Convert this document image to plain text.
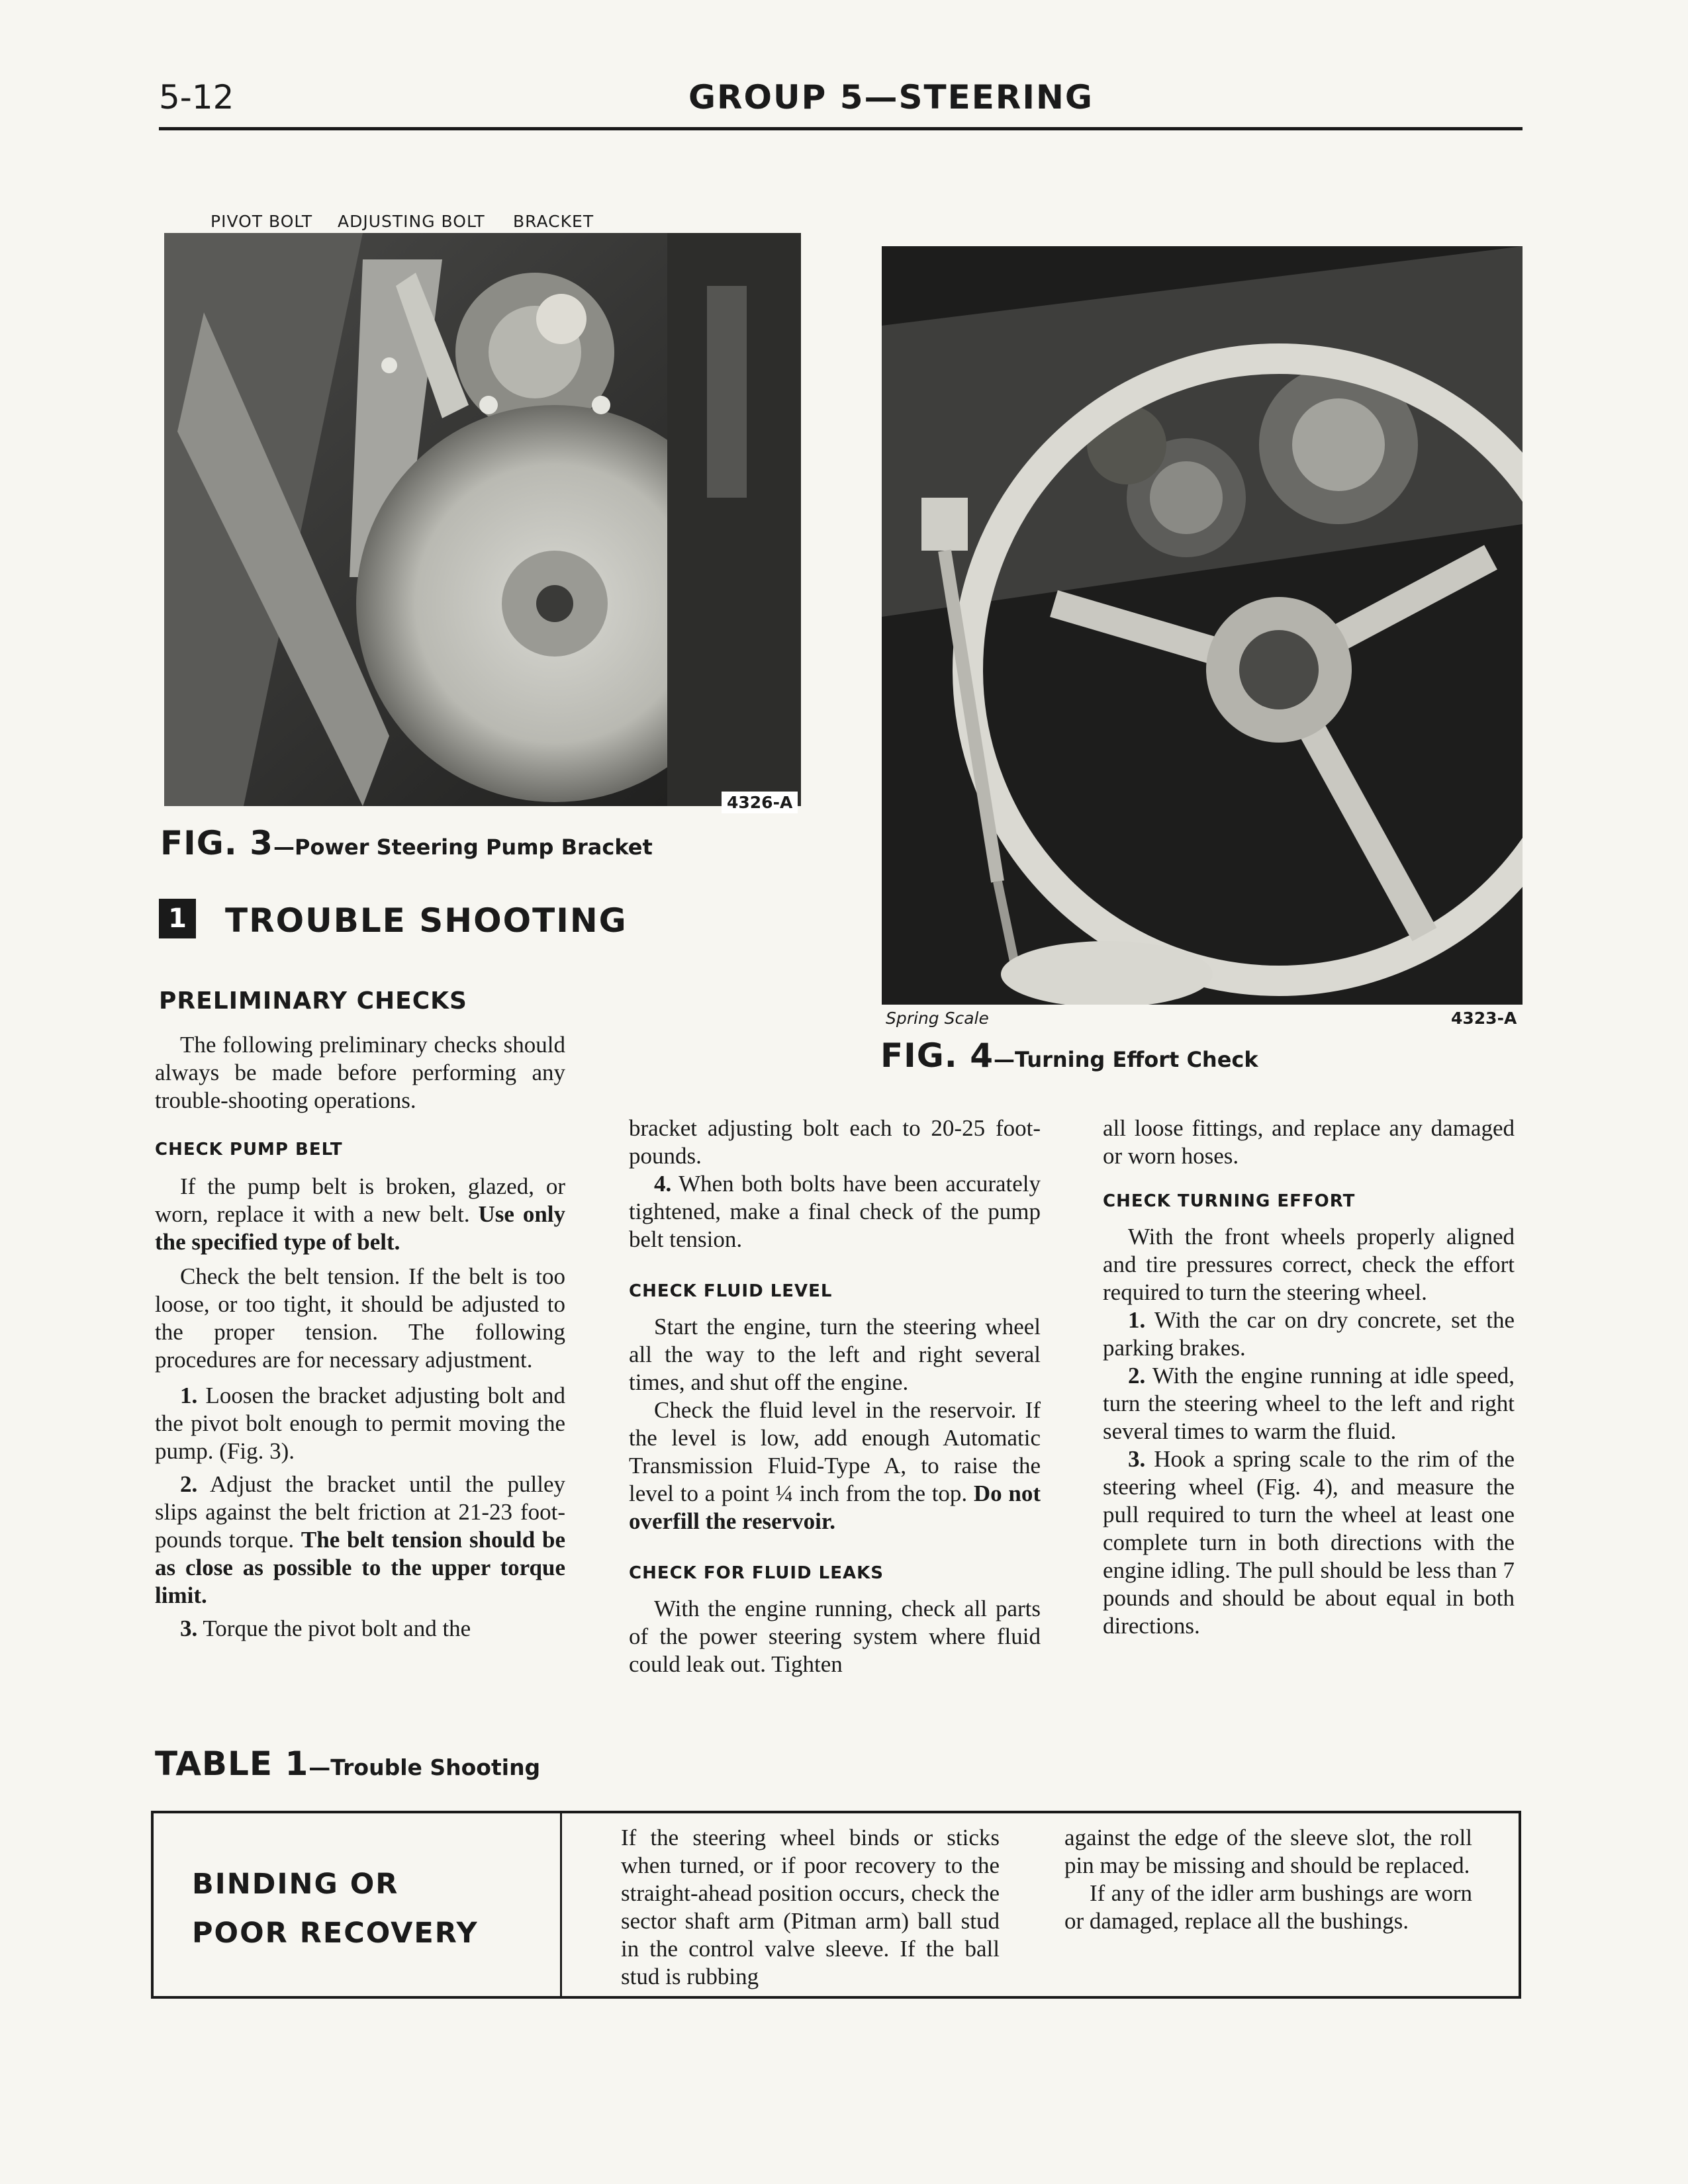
5-12	GROUP 5—STEERING
PIVOT BOLT ADJUSTING BOLT BRACKET
4326-A
FIG. 3—Power Steering Pump Bracket
Spring Scale	4323-A
FIG. 4—Turning Effort Check
1 TROUBLE SHOOTING
PRELIMINARY CHECKS

The following preliminary checks should always be made before performing any trouble-shooting operations.

CHECK PUMP BELT

If the pump belt is broken, glazed, or worn, replace it with a new belt. Use only the specified type of belt.

Check the belt tension. If the belt is too loose, or too tight, it should be adjusted to the proper tension. The following procedures are for necessary adjustment.

1. Loosen the bracket adjusting bolt and the pivot bolt enough to permit moving the pump. (Fig. 3).

2. Adjust the bracket until the pulley slips against the belt friction at 21-23 foot-pounds torque. The belt tension should be as close as possible to the upper torque limit.

3. Torque the pivot bolt and the

bracket adjusting bolt each to 20-25 foot-pounds.

4. When both bolts have been accurately tightened, make a final check of the pump belt tension.

CHECK FLUID LEVEL

Start the engine, turn the steering wheel all the way to the left and right several times, and shut off the engine.

Check the fluid level in the reservoir. If the level is low, add enough Automatic Transmission Fluid-Type A, to raise the level to a point ¼ inch from the top. Do not overfill the reservoir.

CHECK FOR FLUID LEAKS

With the engine running, check all parts of the power steering system where fluid could leak out. Tighten

all loose fittings, and replace any damaged or worn hoses.

CHECK TURNING EFFORT

With the front wheels properly aligned and tire pressures correct, check the effort required to turn the steering wheel.

1. With the car on dry concrete, set the parking brakes.

2. With the engine running at idle speed, turn the steering wheel to the left and right several times to warm the fluid.

3. Hook a spring scale to the rim of the steering wheel (Fig. 4), and measure the pull required to turn the wheel at least one complete turn in both directions with the engine idling. The pull should be less than 7 pounds and should be about equal in both directions.

TABLE 1—Trouble Shooting
BINDING OR
POOR RECOVERY
If the steering wheel binds or sticks when turned, or if poor recovery to the straight-ahead position occurs, check the sector shaft arm (Pitman arm) ball stud in the control valve sleeve. If the ball stud is rubbing
against the edge of the sleeve slot, the roll pin may be missing and should be replaced.
If any of the idler arm bushings are worn or damaged, replace all the bushings.
